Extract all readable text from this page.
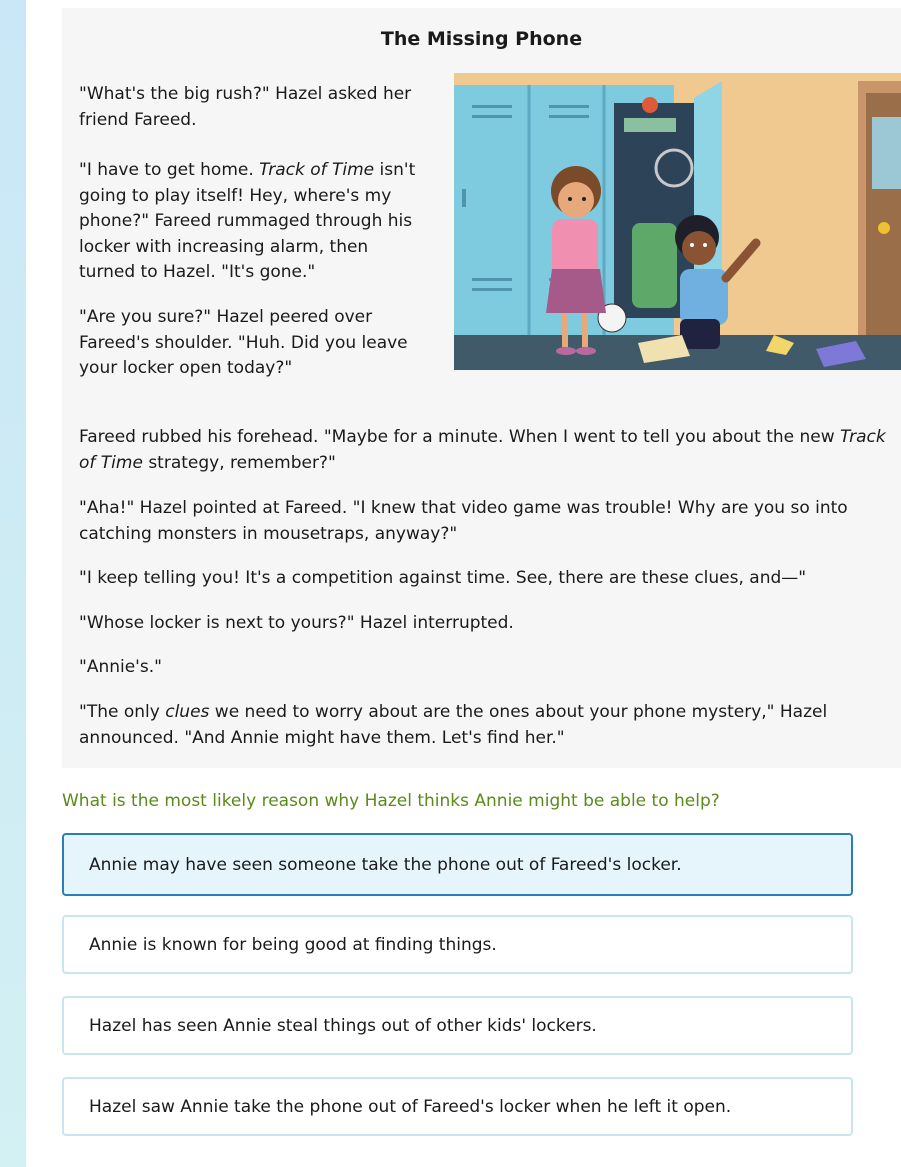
The Missing Phone

"What's the big rush?" Hazel asked her friend Fareed.

"I have to get home. Track of Time isn't going to play itself! Hey, where's my phone?" Fareed rummaged through his locker with increasing alarm, then turned to Hazel. "It's gone."

"Are you sure?" Hazel peered over Fareed's shoulder. "Huh. Did you leave your locker open today?"

Fareed rubbed his forehead. "Maybe for a minute. When I went to tell you about the new Track of Time strategy, remember?"

"Aha!" Hazel pointed at Fareed. "I knew that video game was trouble! Why are you so into catching monsters in mousetraps, anyway?"

"I keep telling you! It's a competition against time. See, there are these clues, and—"

"Whose locker is next to yours?" Hazel interrupted.

"Annie's."

"The only clues we need to worry about are the ones about your phone mystery," Hazel announced. "And Annie might have them. Let's find her."

What is the most likely reason why Hazel thinks Annie might be able to help?
Annie may have seen someone take the phone out of Fareed's locker.
Annie is known for being good at finding things.
Hazel has seen Annie steal things out of other kids' lockers.
Hazel saw Annie take the phone out of Fareed's locker when he left it open.
